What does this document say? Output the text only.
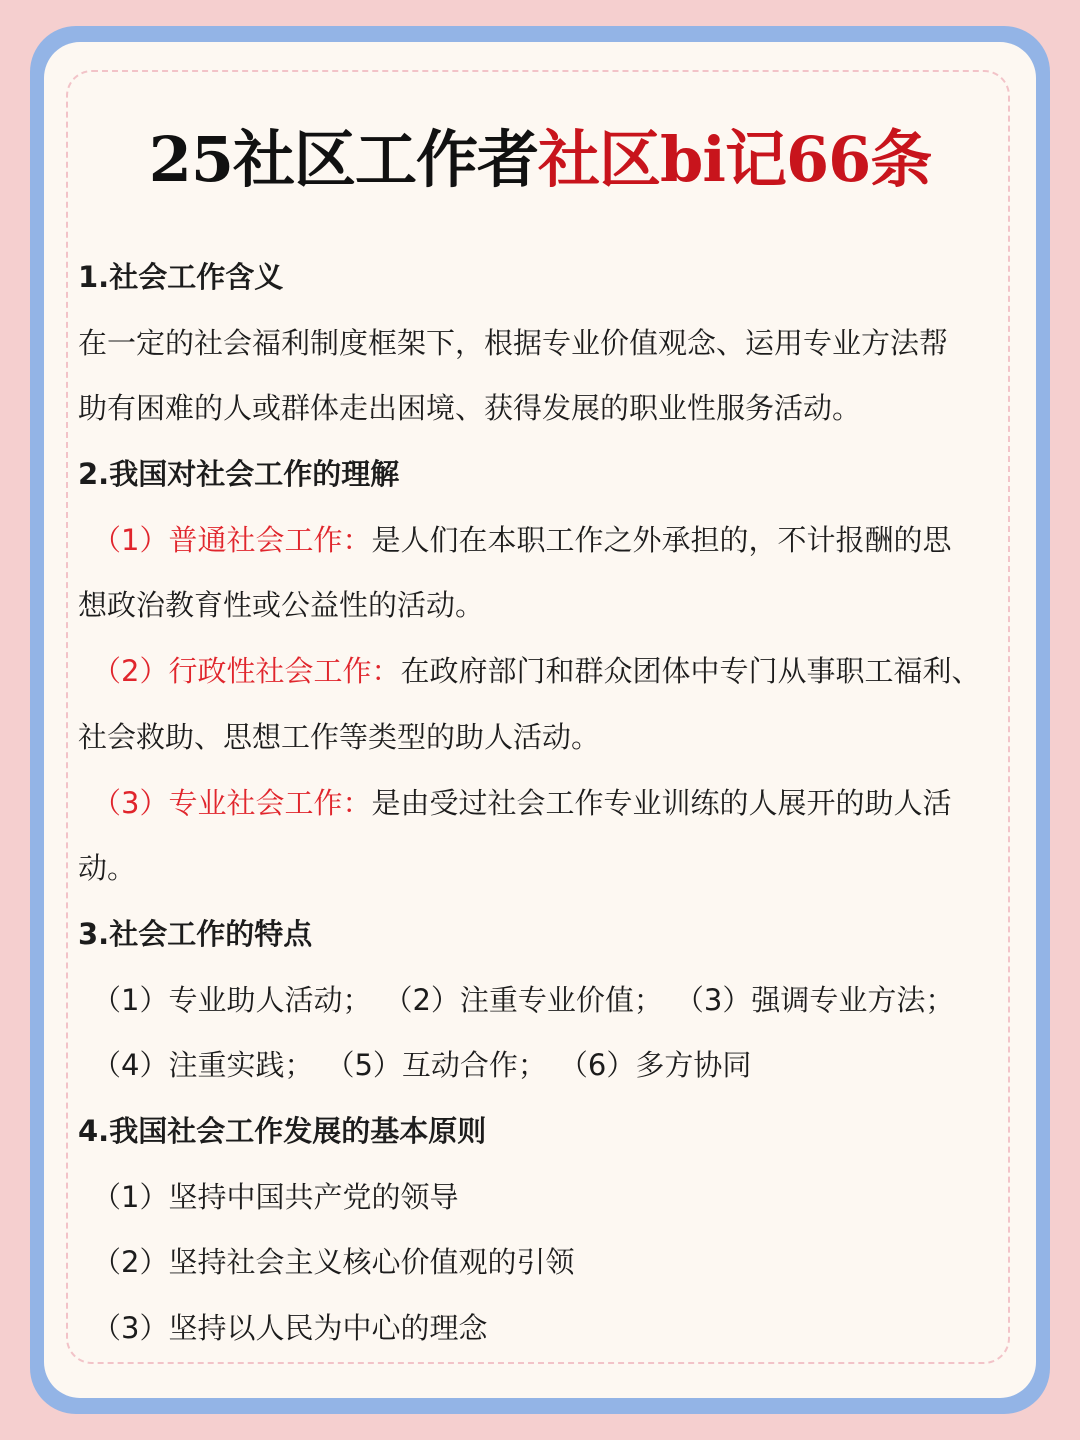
25社区工作者社区bi记66条
1.社会工作含义
在一定的社会福利制度框架下，根据专业价值观念、运用专业方法帮
助有困难的人或群体走出困境、获得发展的职业性服务活动。
2.我国对社会工作的理解
（1）普通社会工作：是人们在本职工作之外承担的，不计报酬的思
想政治教育性或公益性的活动。
（2）行政性社会工作：在政府部门和群众团体中专门从事职工福利、
社会救助、思想工作等类型的助人活动。
（3）专业社会工作：是由受过社会工作专业训练的人展开的助人活
动。
3.社会工作的特点
（1）专业助人活动； （2）注重专业价值； （3）强调专业方法；
（4）注重实践； （5）互动合作； （6）多方协同
4.我国社会工作发展的基本原则
（1）坚持中国共产党的领导
（2）坚持社会主义核心价值观的引领
（3）坚持以人民为中心的理念
